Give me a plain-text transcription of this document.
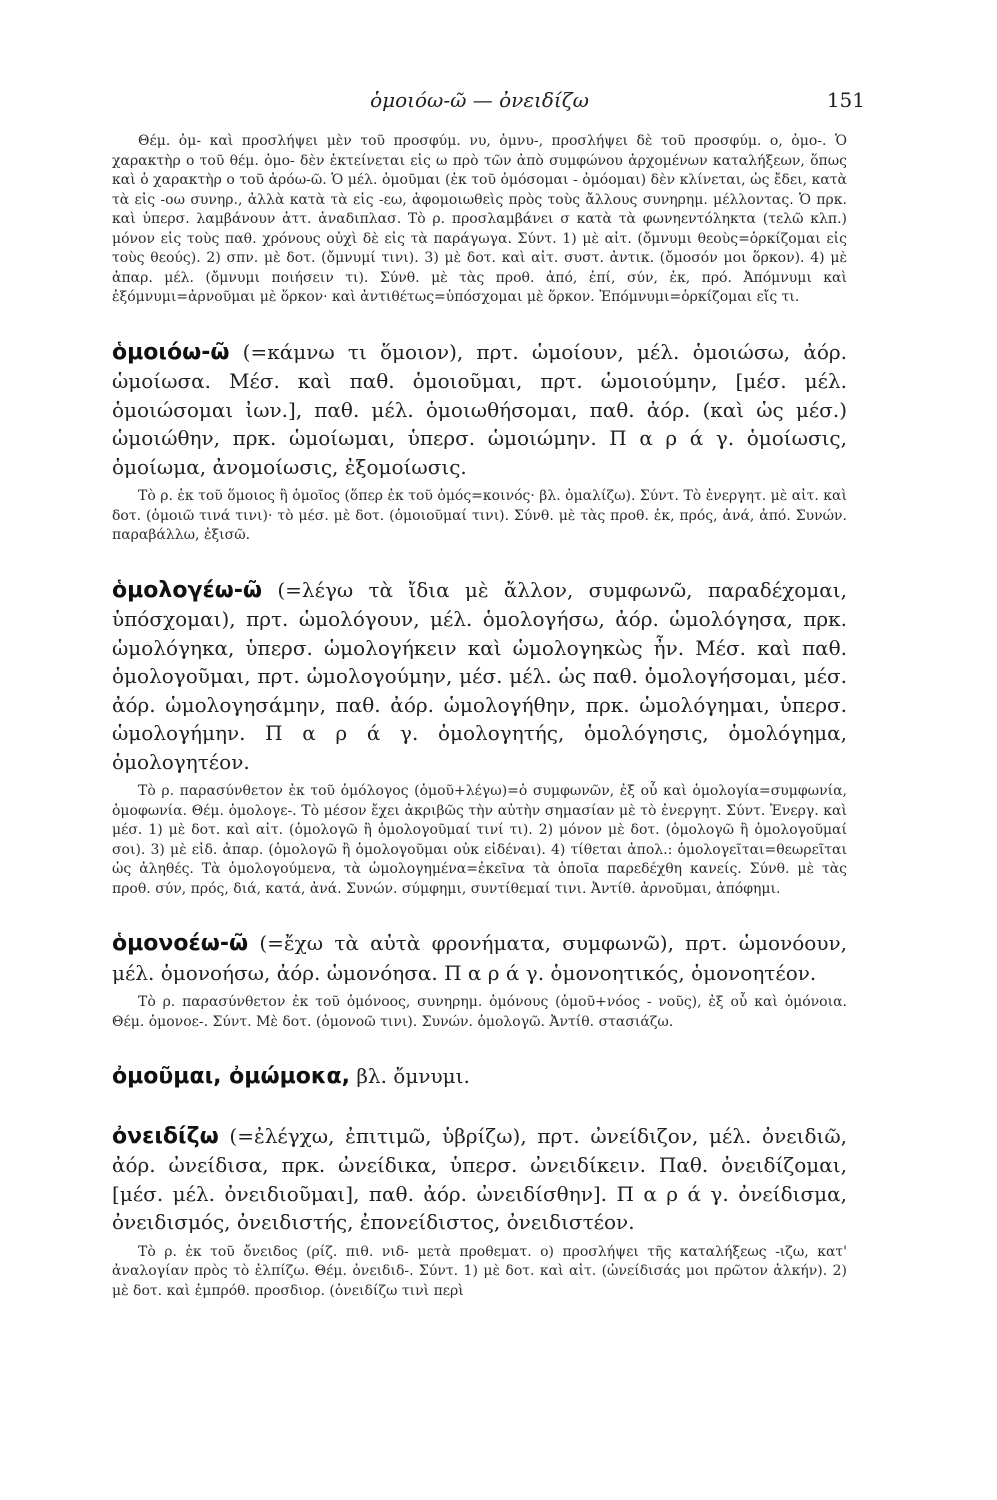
ὁμοιόω-ῶ — ὀνειδίζω	151

Θέμ. ὀμ- καὶ προσλήψει μὲν τοῦ προσφύμ. νυ, ὀμνυ-, προσλήψει δὲ τοῦ προσφύμ. ο, ὀμο-. Ὁ χαρακτὴρ ο τοῦ θέμ. ὀμο- δὲν ἐκτείνεται εἰς ω πρὸ τῶν ἀπὸ συμφώνου ἀρχομένων καταλήξεων, ὅπως καὶ ὁ χαρακτὴρ ο τοῦ ἀρόω-ῶ. Ὁ μέλ. ὀμοῦμαι (ἐκ τοῦ ὀμόσομαι - ὀμόομαι) δὲν κλίνεται, ὡς ἔδει, κατὰ τὰ εἰς -οω συνηρ., ἀλλὰ κατὰ τὰ εἰς -εω, ἀφομοιωθεὶς πρὸς τοὺς ἄλλους συνηρημ. μέλλοντας. Ὁ πρκ. καὶ ὑπερσ. λαμβάνουν ἀττ. ἀναδιπλασ. Τὸ ρ. προσλαμβάνει σ κατὰ τὰ φωνηεντόληκτα (τελῶ κλπ.) μόνον εἰς τοὺς παθ. χρόνους οὐχὶ δὲ εἰς τὰ παράγωγα. Σύντ. 1) μὲ αἰτ. (ὄμνυμι θεοὺς=ὁρκίζομαι εἰς τοὺς θεούς). 2) σπν. μὲ δοτ. (ὄμνυμί τινι). 3) μὲ δοτ. καὶ αἰτ. συστ. ἀντικ. (ὄμοσόν μοι ὅρκον). 4) μὲ ἀπαρ. μέλ. (ὄμνυμι ποιήσειν τι). Σύνθ. μὲ τὰς προθ. ἀπό, ἐπί, σύν, ἐκ, πρό. Ἀπόμνυμι καὶ ἐξόμνυμι=ἀρνοῦμαι μὲ ὅρκον· καὶ ἀντιθέτως=ὑπόσχομαι μὲ ὅρκον. Ἐπόμνυμι=ὁρκίζομαι εἴς τι.

ὁμοιόω-ῶ (=κάμνω τι ὅμοιον), πρτ. ὡμοίουν, μέλ. ὁμοιώσω, ἀόρ. ὡμοίωσα. Μέσ. καὶ παθ. ὁμοιοῦμαι, πρτ. ὡμοιούμην, [μέσ. μέλ. ὁμοιώσομαι ἰων.], παθ. μέλ. ὁμοιωθήσομαι, παθ. ἀόρ. (καὶ ὡς μέσ.) ὡμοιώθην, πρκ. ὡμοίωμαι, ὑπερσ. ὡμοιώμην. Π α ρ ά γ. ὁμοίωσις, ὁμοίωμα, ἀνομοίωσις, ἐξομοίωσις.

Τὸ ρ. ἐκ τοῦ ὅμοιος ἢ ὁμοῖος (ὅπερ ἐκ τοῦ ὁμός=κοινός· βλ. ὁμαλίζω). Σύντ. Τὸ ἐνεργητ. μὲ αἰτ. καὶ δοτ. (ὁμοιῶ τινά τινι)· τὸ μέσ. μὲ δοτ. (ὁμοιοῦμαί τινι). Σύνθ. μὲ τὰς προθ. ἐκ, πρός, ἀνά, ἀπό. Συνών. παραβάλλω, ἐξισῶ.

ὁμολογέω-ῶ (=λέγω τὰ ἴδια μὲ ἄλλον, συμφωνῶ, παραδέχομαι, ὑπόσχομαι), πρτ. ὡμολόγουν, μέλ. ὁμολογήσω, ἀόρ. ὡμολόγησα, πρκ. ὡμολόγηκα, ὑπερσ. ὡμολογήκειν καὶ ὡμολογηκὼς ἦν. Μέσ. καὶ παθ. ὁμολογοῦμαι, πρτ. ὡμολογούμην, μέσ. μέλ. ὡς παθ. ὁμολογήσομαι, μέσ. ἀόρ. ὡμολογησάμην, παθ. ἀόρ. ὡμολογήθην, πρκ. ὡμολόγημαι, ὑπερσ. ὡμολογήμην. Π α ρ ά γ. ὁμολογητής, ὁμολόγησις, ὁμολόγημα, ὁμολογητέον.

Τὸ ρ. παρασύνθετον ἐκ τοῦ ὁμόλογος (ὁμοῦ+λέγω)=ὁ συμφωνῶν, ἐξ οὗ καὶ ὁμολογία=συμφωνία, ὁμοφωνία. Θέμ. ὁμολογε-. Τὸ μέσον ἔχει ἀκριβῶς τὴν αὐτὴν σημασίαν μὲ τὸ ἐνεργητ. Σύντ. Ἐνεργ. καὶ μέσ. 1) μὲ δοτ. καὶ αἰτ. (ὁμολογῶ ἢ ὁμολογοῦμαί τινί τι). 2) μόνον μὲ δοτ. (ὁμολογῶ ἢ ὁμολογοῦμαί σοι). 3) μὲ εἰδ. ἀπαρ. (ὁμολογῶ ἢ ὁμολογοῦμαι οὐκ εἰδέναι). 4) τίθεται ἀπολ.: ὁμολογεῖται=θεωρεῖται ὡς ἀληθές. Τὰ ὁμολογούμενα, τὰ ὡμολογημένα=ἐκεῖνα τὰ ὁποῖα παρεδέχθη κανείς. Σύνθ. μὲ τὰς προθ. σύν, πρός, διά, κατά, ἀνά. Συνών. σύμφημι, συντίθεμαί τινι. Ἀντίθ. ἀρνοῦμαι, ἀπόφημι.

ὁμονοέω-ῶ (=ἔχω τὰ αὐτὰ φρονήματα, συμφωνῶ), πρτ. ὡμονόουν, μέλ. ὁμονοήσω, ἀόρ. ὡμονόησα. Π α ρ ά γ. ὁμονοητικός, ὁμονοητέον.

Τὸ ρ. παρασύνθετον ἐκ τοῦ ὁμόνοος, συνηρημ. ὁμόνους (ὁμοῦ+νόος - νοῦς), ἐξ οὗ καὶ ὁμόνοια. Θέμ. ὁμονοε-. Σύντ. Μὲ δοτ. (ὁμονοῶ τινι). Συνών. ὁμολογῶ. Ἀντίθ. στασιάζω.

ὀμοῦμαι, ὀμώμοκα, βλ. ὄμνυμι.

ὀνειδίζω (=ἐλέγχω, ἐπιτιμῶ, ὑβρίζω), πρτ. ὠνείδιζον, μέλ. ὀνειδιῶ, ἀόρ. ὠνείδισα, πρκ. ὠνείδικα, ὑπερσ. ὠνειδίκειν. Παθ. ὀνειδίζομαι, [μέσ. μέλ. ὀνειδιοῦμαι], παθ. ἀόρ. ὠνειδίσθην]. Π α ρ ά γ. ὀνείδισμα, ὀνειδισμός, ὀνειδιστής, ἐπονείδιστος, ὀνειδιστέον.

Τὸ ρ. ἐκ τοῦ ὄνειδος (ρίζ. πιθ. νιδ- μετὰ προθεματ. ο) προσλήψει τῆς καταλήξεως -ιζω, κατ' ἀναλογίαν πρὸς τὸ ἐλπίζω. Θέμ. ὀνειδιδ-. Σύντ. 1) μὲ δοτ. καὶ αἰτ. (ὠνείδισάς μοι πρῶτον ἀλκήν). 2) μὲ δοτ. καὶ ἐμπρόθ. προσδιορ. (ὀνειδίζω τινὶ περὶ
